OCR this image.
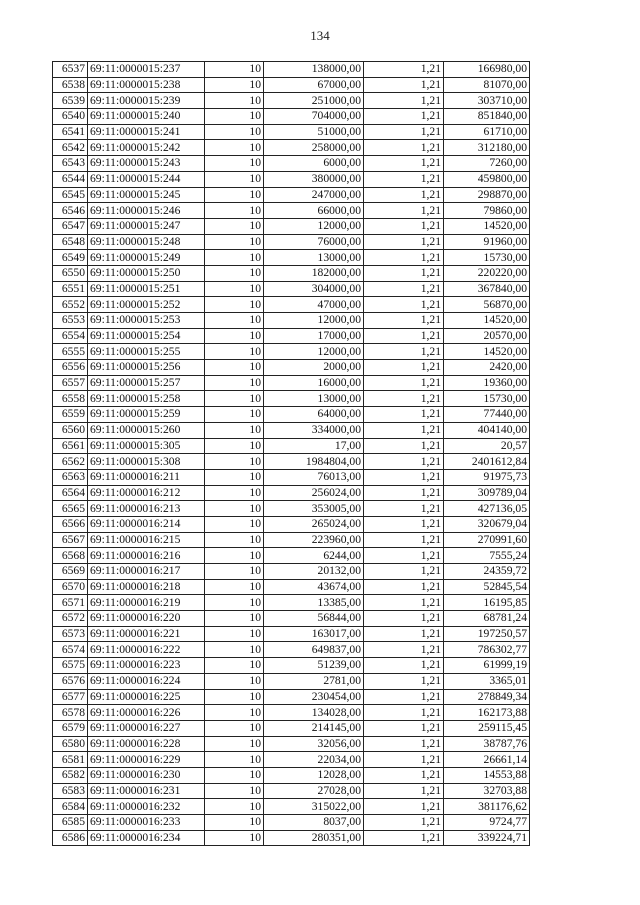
134
6537	69:11:0000015:237	10	138000,00	1,21	166980,00
6538	69:11:0000015:238	10	67000,00	1,21	81070,00
6539	69:11:0000015:239	10	251000,00	1,21	303710,00
6540	69:11:0000015:240	10	704000,00	1,21	851840,00
6541	69:11:0000015:241	10	51000,00	1,21	61710,00
6542	69:11:0000015:242	10	258000,00	1,21	312180,00
6543	69:11:0000015:243	10	6000,00	1,21	7260,00
6544	69:11:0000015:244	10	380000,00	1,21	459800,00
6545	69:11:0000015:245	10	247000,00	1,21	298870,00
6546	69:11:0000015:246	10	66000,00	1,21	79860,00
6547	69:11:0000015:247	10	12000,00	1,21	14520,00
6548	69:11:0000015:248	10	76000,00	1,21	91960,00
6549	69:11:0000015:249	10	13000,00	1,21	15730,00
6550	69:11:0000015:250	10	182000,00	1,21	220220,00
6551	69:11:0000015:251	10	304000,00	1,21	367840,00
6552	69:11:0000015:252	10	47000,00	1,21	56870,00
6553	69:11:0000015:253	10	12000,00	1,21	14520,00
6554	69:11:0000015:254	10	17000,00	1,21	20570,00
6555	69:11:0000015:255	10	12000,00	1,21	14520,00
6556	69:11:0000015:256	10	2000,00	1,21	2420,00
6557	69:11:0000015:257	10	16000,00	1,21	19360,00
6558	69:11:0000015:258	10	13000,00	1,21	15730,00
6559	69:11:0000015:259	10	64000,00	1,21	77440,00
6560	69:11:0000015:260	10	334000,00	1,21	404140,00
6561	69:11:0000015:305	10	17,00	1,21	20,57
6562	69:11:0000015:308	10	1984804,00	1,21	2401612,84
6563	69:11:0000016:211	10	76013,00	1,21	91975,73
6564	69:11:0000016:212	10	256024,00	1,21	309789,04
6565	69:11:0000016:213	10	353005,00	1,21	427136,05
6566	69:11:0000016:214	10	265024,00	1,21	320679,04
6567	69:11:0000016:215	10	223960,00	1,21	270991,60
6568	69:11:0000016:216	10	6244,00	1,21	7555,24
6569	69:11:0000016:217	10	20132,00	1,21	24359,72
6570	69:11:0000016:218	10	43674,00	1,21	52845,54
6571	69:11:0000016:219	10	13385,00	1,21	16195,85
6572	69:11:0000016:220	10	56844,00	1,21	68781,24
6573	69:11:0000016:221	10	163017,00	1,21	197250,57
6574	69:11:0000016:222	10	649837,00	1,21	786302,77
6575	69:11:0000016:223	10	51239,00	1,21	61999,19
6576	69:11:0000016:224	10	2781,00	1,21	3365,01
6577	69:11:0000016:225	10	230454,00	1,21	278849,34
6578	69:11:0000016:226	10	134028,00	1,21	162173,88
6579	69:11:0000016:227	10	214145,00	1,21	259115,45
6580	69:11:0000016:228	10	32056,00	1,21	38787,76
6581	69:11:0000016:229	10	22034,00	1,21	26661,14
6582	69:11:0000016:230	10	12028,00	1,21	14553,88
6583	69:11:0000016:231	10	27028,00	1,21	32703,88
6584	69:11:0000016:232	10	315022,00	1,21	381176,62
6585	69:11:0000016:233	10	8037,00	1,21	9724,77
6586	69:11:0000016:234	10	280351,00	1,21	339224,71
